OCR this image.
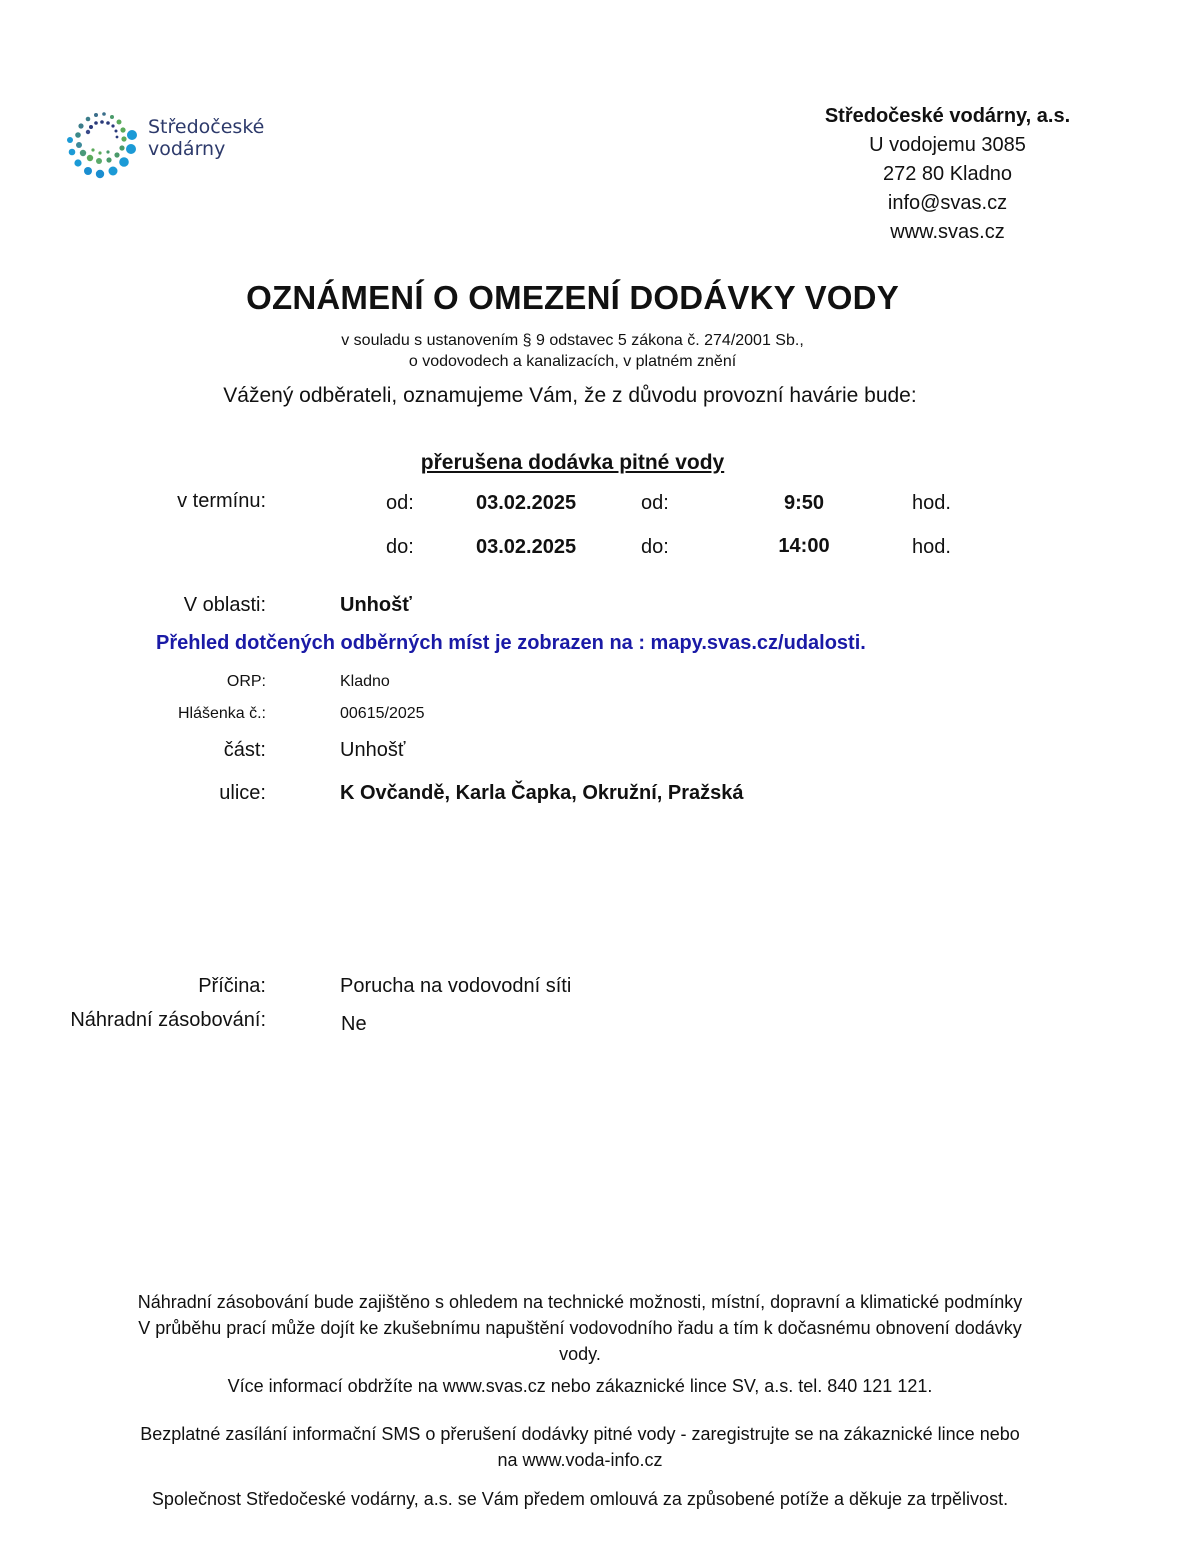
Středočeské
vodárny
Středočeské vodárny, a.s.
U vodojemu 3085
272 80 Kladno
info@svas.cz
www.svas.cz
OZNÁMENÍ O OMEZENÍ DODÁVKY VODY
v souladu s ustanovením § 9 odstavec 5 zákona č. 274/2001 Sb.,
o vodovodech a kanalizacích, v platném znění
Vážený odběrateli, oznamujeme Vám, že z důvodu provozní havárie bude:
přerušena dodávka pitné vody
v termínu:	od:	03.02.2025	od:	9:50	hod.
do:	03.02.2025	do:	14:00	hod.
V oblasti:	Unhošť
Přehled dotčených odběrných míst je zobrazen na : mapy.svas.cz/udalosti.
ORP:	Kladno
Hlášenka č.:	00615/2025
část:	Unhošť
ulice:	K Ovčandě, Karla Čapka, Okružní, Pražská
Příčina:	Porucha na vodovodní síti
Náhradní zásobování:	Ne
Náhradní zásobování bude zajištěno s ohledem na technické možnosti, místní, dopravní a klimatické podmínky
V průběhu prací může dojít ke zkušebnímu napuštění vodovodního řadu a tím k dočasnému obnovení dodávky
vody.
Více informací obdržíte na www.svas.cz nebo zákaznické lince SV, a.s. tel. 840 121 121.
Bezplatné zasílání informační SMS o přerušení dodávky pitné vody - zaregistrujte se na zákaznické lince nebo
na www.voda-info.cz
Společnost Středočeské vodárny, a.s. se Vám předem omlouvá za způsobené potíže a děkuje za trpělivost.
